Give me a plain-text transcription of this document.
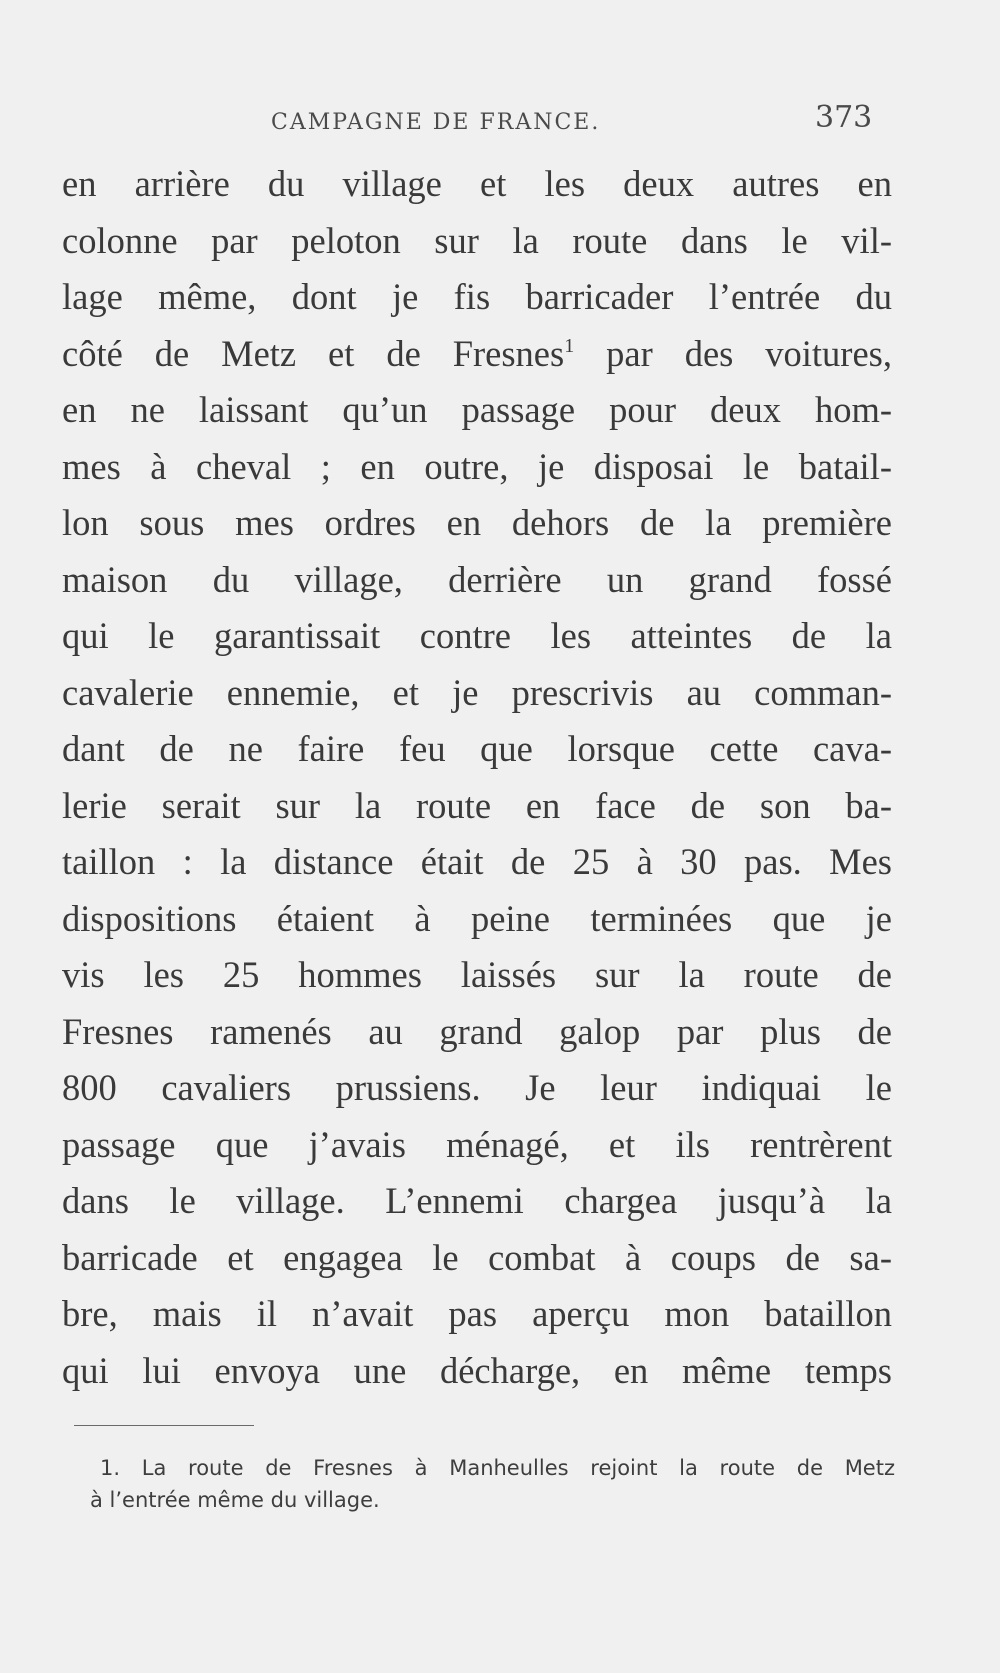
CAMPAGNE DE FRANCE.	373
en arrière du village et les deux autres en
colonne par peloton sur la route dans le vil-
lage même, dont je fis barricader l’entrée du
côté de Metz et de Fresnes$^1$ par des voitures,
en ne laissant qu’un passage pour deux hom-
mes à cheval ; en outre, je disposai le batail-
lon sous mes ordres en dehors de la première
maison du village, derrière un grand fossé
qui le garantissait contre les atteintes de la
cavalerie ennemie, et je prescrivis au comman-
dant de ne faire feu que lorsque cette cava-
lerie serait sur la route en face de son ba-
taillon : la distance était de 25 à 30 pas. Mes
dispositions étaient à peine terminées que je
vis les 25 hommes laissés sur la route de
Fresnes ramenés au grand galop par plus de
800 cavaliers prussiens. Je leur indiquai le
passage que j’avais ménagé, et ils rentrèrent
dans le village. L’ennemi chargea jusqu’à la
barricade et engagea le combat à coups de sa-
bre, mais il n’avait pas aperçu mon bataillon
qui lui envoya une décharge, en même temps
1. La route de Fresnes à Manheulles rejoint la route de Metz
à l’entrée même du village.
